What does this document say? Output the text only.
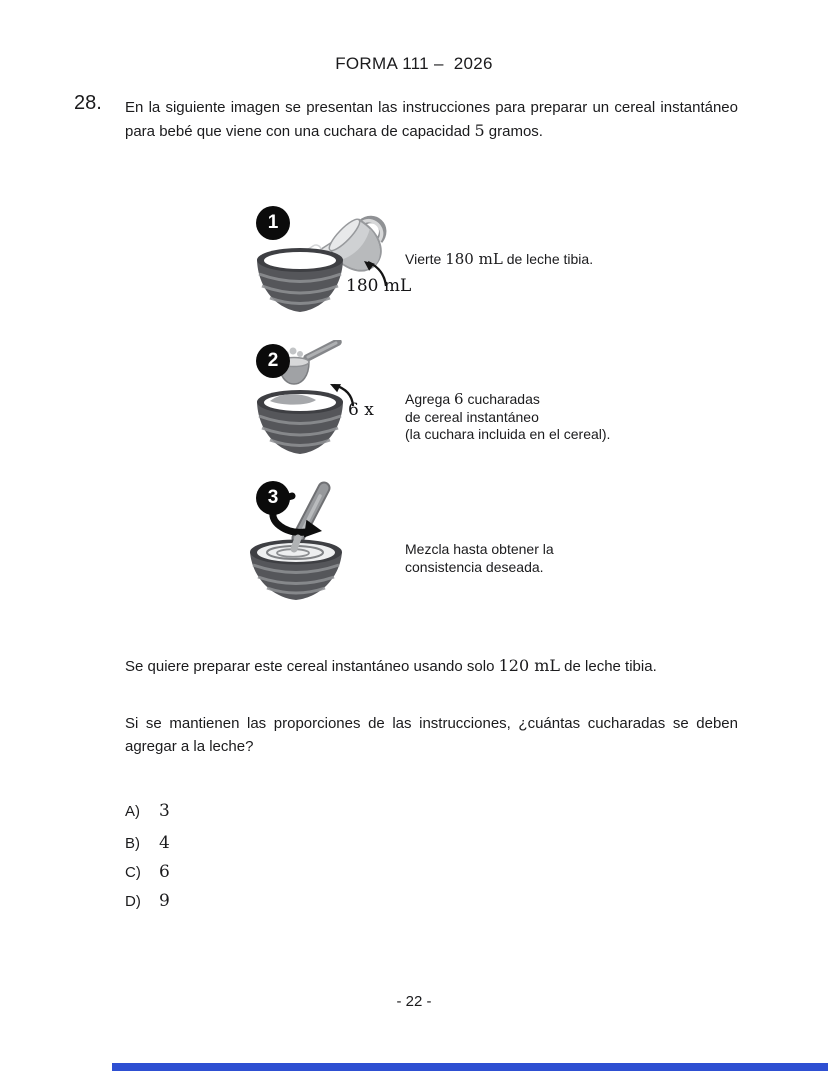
FORMA 111 –  2026
28. En la siguiente imagen se presentan las instrucciones para preparar un cereal instantáneo para bebé que viene con una cuchara de capacidad 5 gramos.

1
180 mL
Vierte 180 mL de leche tibia.
2
6 x
Agrega 6 cucharadas
de cereal instantáneo
(la cuchara incluida en el cereal).
3
Mezcla hasta obtener la
consistencia deseada.
Se quiere preparar este cereal instantáneo usando solo 120 mL de leche tibia.

Si se mantienen las proporciones de las instrucciones, ¿cuántas cucharadas se deben agregar a la leche?

A) 3
B) 4
C) 6
D) 9
- 22 -
